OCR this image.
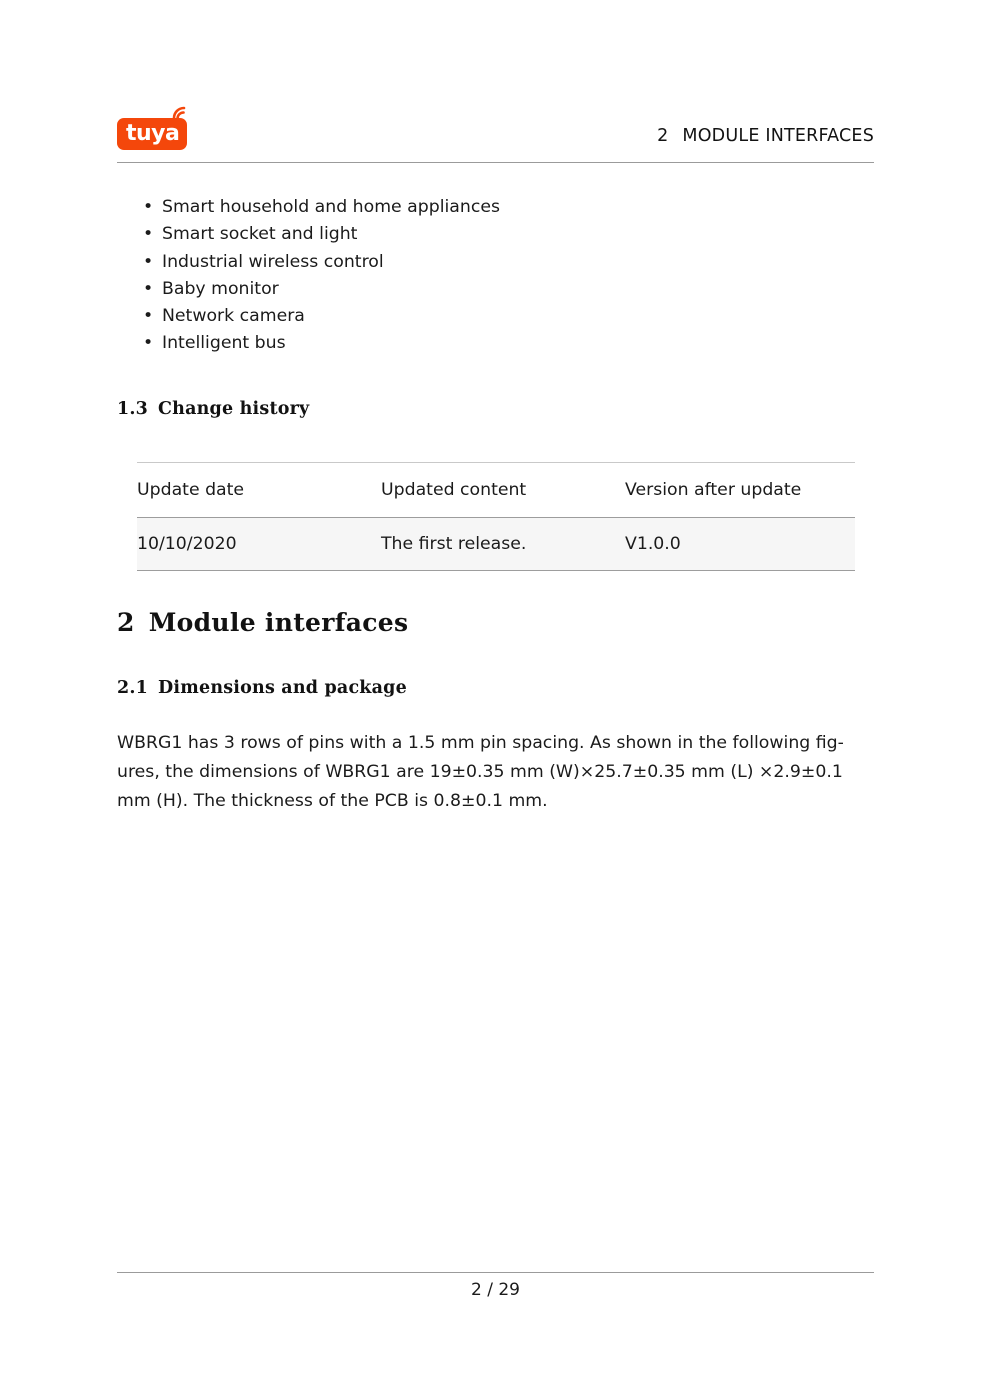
tuya	2 MODULE INTERFACES
• Smart household and home appliances
• Smart socket and light
• Industrial wireless control
• Baby monitor
• Network camera
• Intelligent bus
1.3 Change history
Update date	Updated content	Version after update
10/10/2020	The first release.	V1.0.0
2 Module interfaces
2.1 Dimensions and package
WBRG1 has 3 rows of pins with a 1.5 mm pin spacing. As shown in the following fig-
ures, the dimensions of WBRG1 are 19±0.35 mm (W)×25.7±0.35 mm (L) ×2.9±0.1
mm (H). The thickness of the PCB is 0.8±0.1 mm.
2 / 29
